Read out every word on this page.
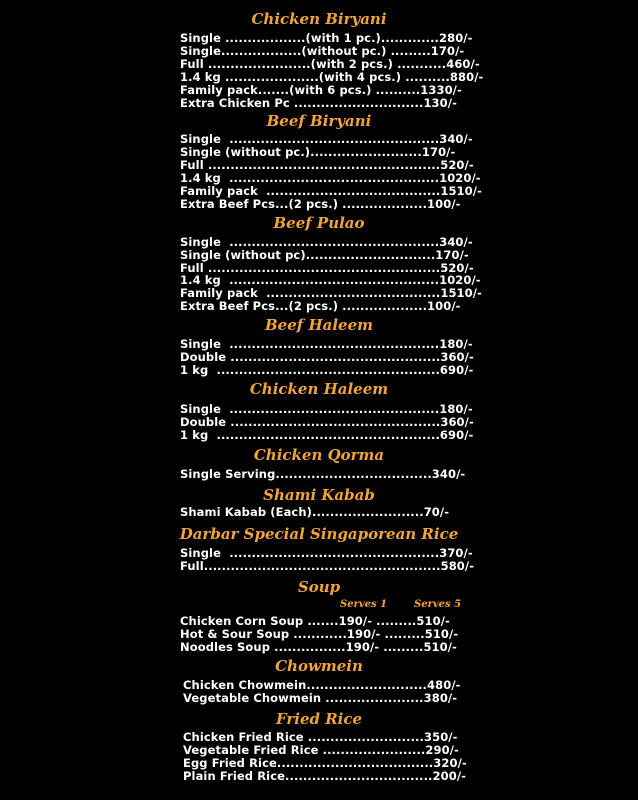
Chicken Biryani
Single ..................(with 1 pc.).............280/-
Single..................(without pc.) .........170/-
Full .......................(with 2 pcs.) ...........460/-
1.4 kg .....................(with 4 pcs.) ..........880/-
Family pack.......(with 6 pcs.) ..........1330/-
Extra Chicken Pc .............................130/-
Beef Biryani
Single  ...............................................340/-
Single (without pc.).........................170/-
Full ....................................................520/-
1.4 kg  ...............................................1020/-
Family pack  .......................................1510/-
Extra Beef Pcs...(2 pcs.) ...................100/-
Beef Pulao
Single  ...............................................340/-
Single (without pc).............................170/-
Full ....................................................520/-
1.4 kg  ...............................................1020/-
Family pack  .......................................1510/-
Extra Beef Pcs...(2 pcs.) ...................100/-
Beef Haleem
Single  ...............................................180/-
Double ...............................................360/-
1 kg  ..................................................690/-
Chicken Haleem
Single  ...............................................180/-
Double ...............................................360/-
1 kg  ..................................................690/-
Chicken Qorma
Single Serving...................................340/-
Shami Kabab
Shami Kabab (Each).........................70/-
Darbar Special Singaporean Rice
Single  ...............................................370/-
Full.....................................................580/-
Soup
Serves 1	Serves 5
Chicken Corn Soup .......190/- .........510/-
Hot & Sour Soup ............190/- .........510/-
Noodles Soup ................190/- .........510/-
Chowmein
Chicken Chowmein...........................480/-
Vegetable Chowmein ......................380/-
Fried Rice
Chicken Fried Rice ..........................350/-
Vegetable Fried Rice .......................290/-
Egg Fried Rice...................................320/-
Plain Fried Rice.................................200/-
